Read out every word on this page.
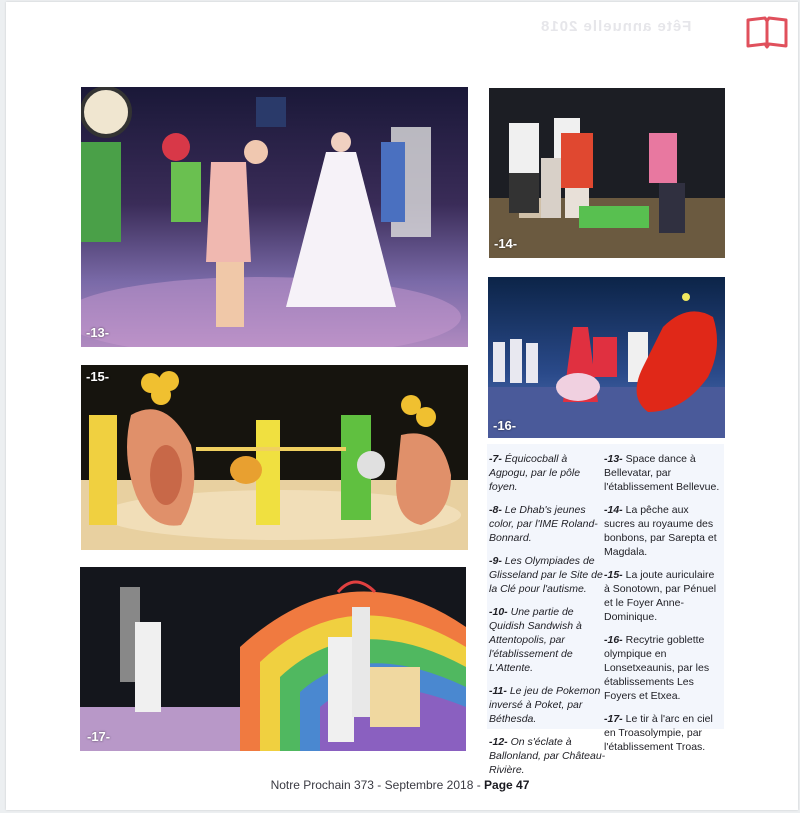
Fête annuelle 2018
-13-
-14-
-15-
-16-
-17-

-7- Équicocball à Agpogu, par le pôle foyen.

-8- Le Dhab's jeunes color, par l'IME Roland-Bonnard.

-9- Les Olympiades de Glisseland par le Site de la Clé pour l'autisme.

-10- Une partie de Quidish Sandwish à Attentopolis, par l'établissement de L'Attente.

-11- Le jeu de Pokemon inversé à Poket, par Béthesda.

-12- On s'éclate à Ballonland, par Château-Rivière.

-13- Space dance à Bellevatar, par l'établissement Bellevue.

-14- La pêche aux sucres au royaume des bonbons, par Sarepta et Magdala.

-15- La joute auriculaire à Sonotown, par Pénuel et le Foyer Anne-Dominique.

-16- Recytrie goblette olympique en Lonsetxeaunis, par les établissements Les Foyers et Etxea.

-17- Le tir à l'arc en ciel en Troasolympie, par l'établissement Troas.

Notre Prochain 373 - Septembre 2018 - Page 47
